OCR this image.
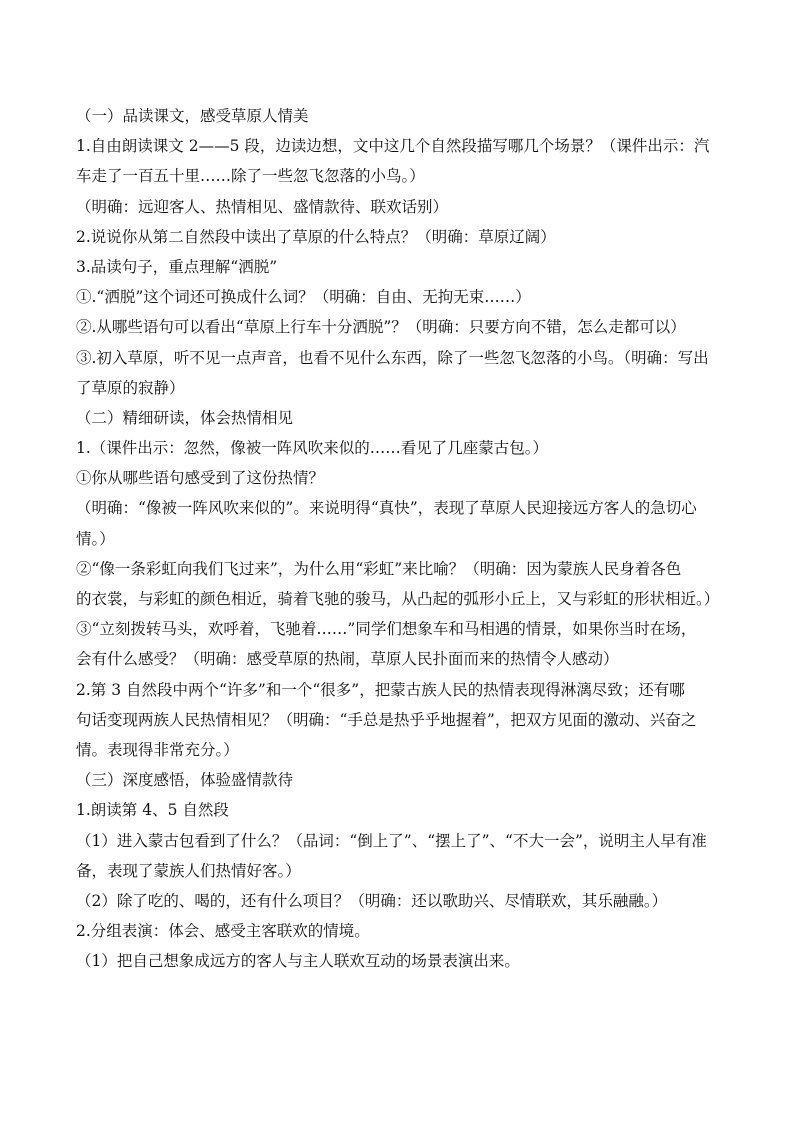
（一）品读课文，感受草原人情美
1.自由朗读课文 2——5 段，边读边想，文中这几个自然段描写哪几个场景？（课件出示：汽
车走了一百五十里……除了一些忽飞忽落的小鸟。）
（明确：远迎客人、热情相见、盛情款待、联欢话别）
2.说说你从第二自然段中读出了草原的什么特点？（明确：草原辽阔）
3.品读句子，重点理解“洒脱”
①.“洒脱”这个词还可换成什么词？（明确：自由、无拘无束……）
②.从哪些语句可以看出“草原上行车十分洒脱”？（明确：只要方向不错，怎么走都可以）
③.初入草原，听不见一点声音，也看不见什么东西，除了一些忽飞忽落的小鸟。（明确：写出
了草原的寂静）
（二）精细研读，体会热情相见
1.（课件出示：忽然，像被一阵风吹来似的……看见了几座蒙古包。）
①你从哪些语句感受到了这份热情？
（明确：“像被一阵风吹来似的”。来说明得“真快”，表现了草原人民迎接远方客人的急切心
情。）
②“像一条彩虹向我们飞过来”，为什么用“彩虹”来比喻？（明确：因为蒙族人民身着各色
的衣裳，与彩虹的颜色相近，骑着飞驰的骏马，从凸起的弧形小丘上，又与彩虹的形状相近。）
③“立刻拨转马头，欢呼着，飞驰着……”同学们想象车和马相遇的情景，如果你当时在场，
会有什么感受？（明确：感受草原的热闹，草原人民扑面而来的热情令人感动）
2.第 3 自然段中两个“许多”和一个“很多”，把蒙古族人民的热情表现得淋漓尽致；还有哪
句话变现两族人民热情相见？（明确：“手总是热乎乎地握着”，把双方见面的激动、兴奋之
情。表现得非常充分。）
（三）深度感悟，体验盛情款待
1.朗读第 4、5 自然段
（1）进入蒙古包看到了什么？（品词：“倒上了”、“摆上了”、“不大一会”，说明主人早有准
备，表现了蒙族人们热情好客。）
（2）除了吃的、喝的，还有什么项目？（明确：还以歌助兴、尽情联欢，其乐融融。）
2.分组表演：体会、感受主客联欢的情境。
（1）把自己想象成远方的客人与主人联欢互动的场景表演出来。
